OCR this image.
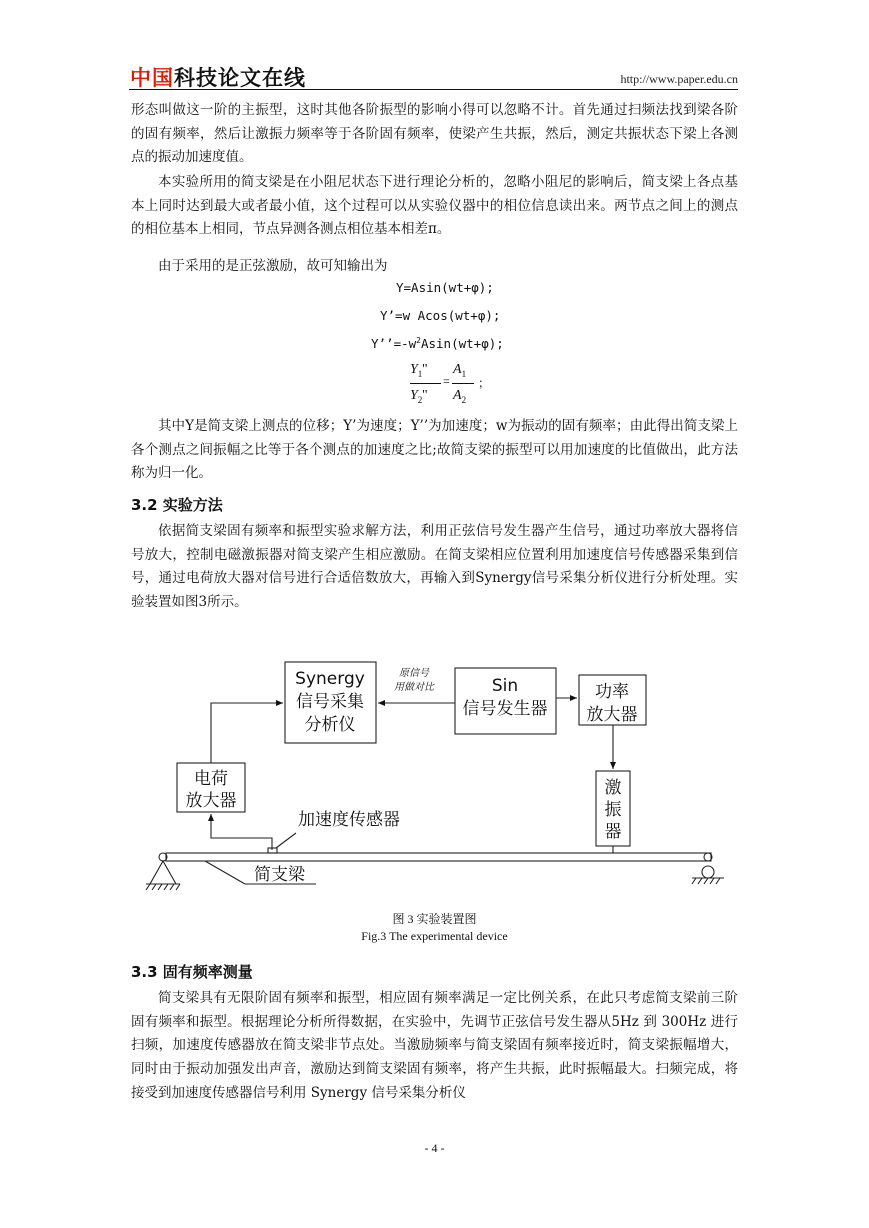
中国科技论文在线	http://www.paper.edu.cn

形态叫做这一阶的主振型，这时其他各阶振型的影响小得可以忽略不计。首先通过扫频法找到梁各阶的固有频率，然后让激振力频率等于各阶固有频率，使梁产生共振，然后，测定共振状态下梁上各测点的振动加速度值。

本实验所用的简支梁是在小阻尼状态下进行理论分析的，忽略小阻尼的影响后，简支梁上各点基本上同时达到最大或者最小值，这个过程可以从实验仪器中的相位信息读出来。两节点之间上的测点的相位基本上相同，节点异测各测点相位基本相差π。

由于采用的是正弦激励，故可知输出为

Y=Asin(wt+φ);
Y’=w Acos(wt+φ);
$Y’’=-w^2Asin(wt+\varphi)$;
$Y_1''$
$Y_2''$
=
$A_1$
$A_2$
；

其中Y是简支梁上测点的位移；Y’为速度；Y’’为加速度；w为振动的固有频率；由此得出简支梁上各个测点之间振幅之比等于各个测点的加速度之比;故简支梁的振型可以用加速度的比值做出，此方法称为归一化。

3.2 实验方法

依据简支梁固有频率和振型实验求解方法，利用正弦信号发生器产生信号，通过功率放大器将信号放大，控制电磁激振器对简支梁产生相应激励。在简支梁相应位置利用加速度信号传感器采集到信号，通过电荷放大器对信号进行合适倍数放大，再输入到Synergy信号采集分析仪进行分析处理。实验装置如图3所示。

Synergy
信号采集
分析仪
Sin
信号发生器
功率
放大器
电荷
放大器
激
振
器
原信号
用做对比
加速度传感器
简支梁
图 3 实验装置图
Fig.3 The experimental device
3.3 固有频率测量

简支梁具有无限阶固有频率和振型，相应固有频率满足一定比例关系，在此只考虑简支梁前三阶固有频率和振型。根据理论分析所得数据，在实验中，先调节正弦信号发生器从5Hz 到 300Hz 进行扫频，加速度传感器放在简支梁非节点处。当激励频率与简支梁固有频率接近时，简支梁振幅增大，同时由于振动加强发出声音，激励达到简支梁固有频率，将产生共振，此时振幅最大。扫频完成，将接受到加速度传感器信号利用 Synergy 信号采集分析仪

- 4 -
